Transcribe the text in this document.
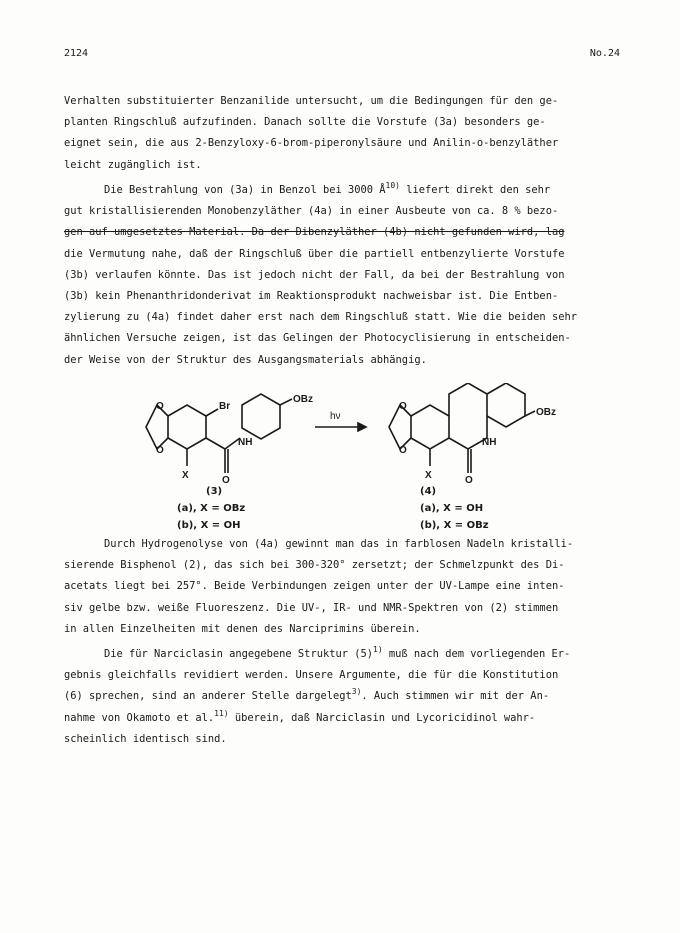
2124	No.24

Verhalten substituierter Benzanilide untersucht, um die Bedingungen für den ge-

planten Ringschluß aufzufinden. Danach sollte die Vorstufe (3a) besonders ge-

eignet sein, die aus 2-Benzyloxy-6-brom-piperonylsäure und Anilin-o-benzyläther

leicht zugänglich ist.

Die Bestrahlung von (3a) in Benzol bei 3000 $Å^{10)}$ liefert direkt den sehr

gut kristallisierenden Monobenzyläther (4a) in einer Ausbeute von ca. 8 % bezo-

gen auf umgesetztes Material. Da der Dibenzyläther (4b) nicht gefunden wird, lag

die Vermutung nahe, daß der Ringschluß über die partiell entbenzylierte Vorstufe

(3b) verlaufen könnte. Das ist jedoch nicht der Fall, da bei der Bestrahlung von

(3b) kein Phenanthridonderivat im Reaktionsprodukt nachweisbar ist. Die Entben-

zylierung zu (4a) findet daher erst nach dem Ringschluß statt. Wie die beiden sehr

ähnlichen Versuche zeigen, ist das Gelingen der Photocyclisierung in entscheiden-

der Weise von der Struktur des Ausgangsmaterials abhängig.

O
O
O
O
Br
OBz
NH
X	O
hν	OBz
NH
X	O
(3)
(a), X = OBz
(b), X = OH
(4)
(a), X = OH
(b), X = OBz

Durch Hydrogenolyse von (4a) gewinnt man das in farblosen Nadeln kristalli-

sierende Bisphenol (2), das sich bei 300-320° zersetzt; der Schmelzpunkt des Di-

acetats liegt bei 257°. Beide Verbindungen zeigen unter der UV-Lampe eine inten-

siv gelbe bzw. weiße Fluoreszenz. Die UV-, IR- und NMR-Spektren von (2) stimmen

in allen Einzelheiten mit denen des Narciprimins überein.

Die für Narciclasin angegebene Struktur $(5)^{1)}$ muß nach dem vorliegenden Er-

gebnis gleichfalls revidiert werden. Unsere Argumente, die für die Konstitution

(6) sprechen, sind an anderer Stelle dargelegt$^{3)}$. Auch stimmen wir mit der An-

nahme von Okamoto et al.$^{11)}$ überein, daß Narciclasin und Lycoricidinol wahr-

scheinlich identisch sind.
